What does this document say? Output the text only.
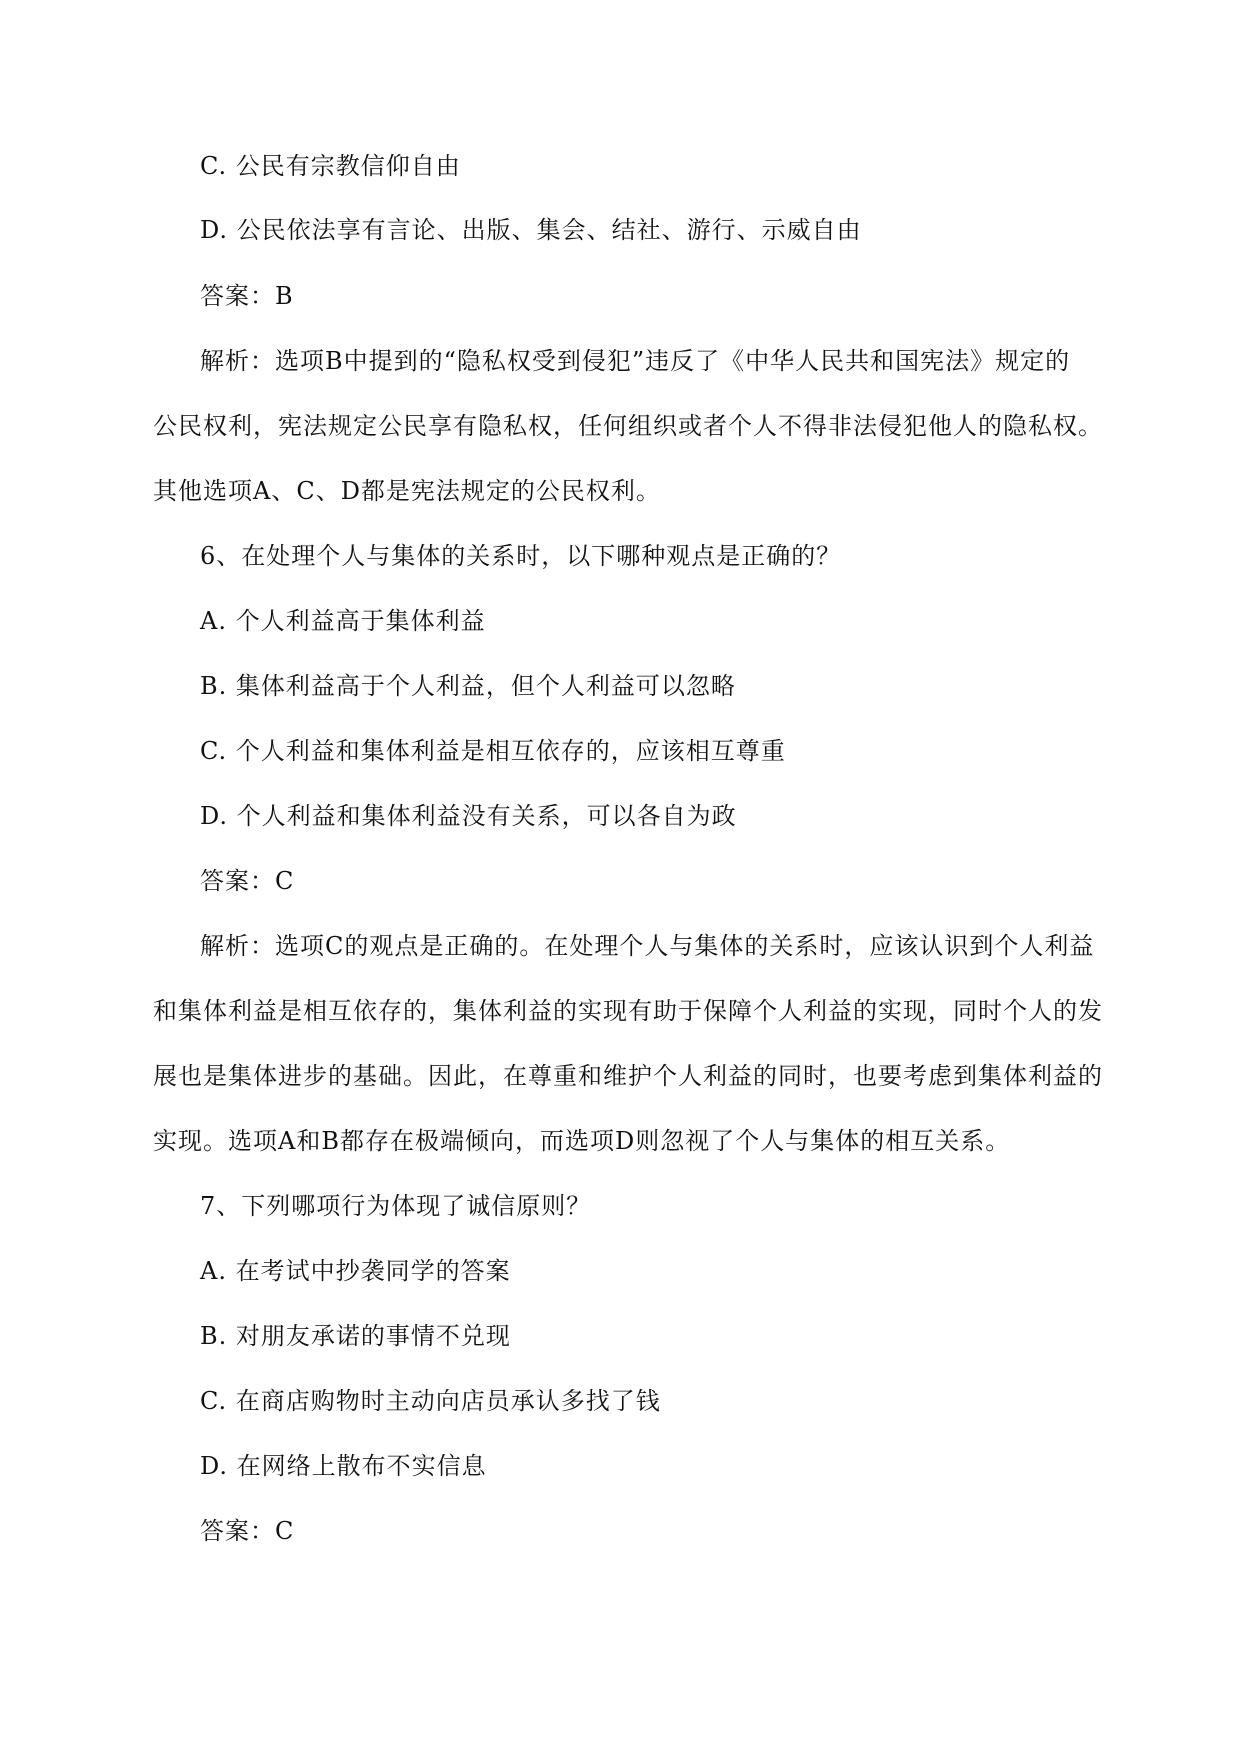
C. 公民有宗教信仰自由
D. 公民依法享有言论、出版、集会、结社、游行、示威自由
答案：B
解析：选项B中提到的“隐私权受到侵犯”违反了《中华人民共和国宪法》规定的
公民权利，宪法规定公民享有隐私权，任何组织或者个人不得非法侵犯他人的隐私权。
其他选项A、C、D都是宪法规定的公民权利。
6、在处理个人与集体的关系时，以下哪种观点是正确的？
A. 个人利益高于集体利益
B. 集体利益高于个人利益，但个人利益可以忽略
C. 个人利益和集体利益是相互依存的，应该相互尊重
D. 个人利益和集体利益没有关系，可以各自为政
答案：C
解析：选项C的观点是正确的。在处理个人与集体的关系时，应该认识到个人利益
和集体利益是相互依存的，集体利益的实现有助于保障个人利益的实现，同时个人的发
展也是集体进步的基础。因此，在尊重和维护个人利益的同时，也要考虑到集体利益的
实现。选项A和B都存在极端倾向，而选项D则忽视了个人与集体的相互关系。
7、下列哪项行为体现了诚信原则？
A. 在考试中抄袭同学的答案
B. 对朋友承诺的事情不兑现
C. 在商店购物时主动向店员承认多找了钱
D. 在网络上散布不实信息
答案：C
